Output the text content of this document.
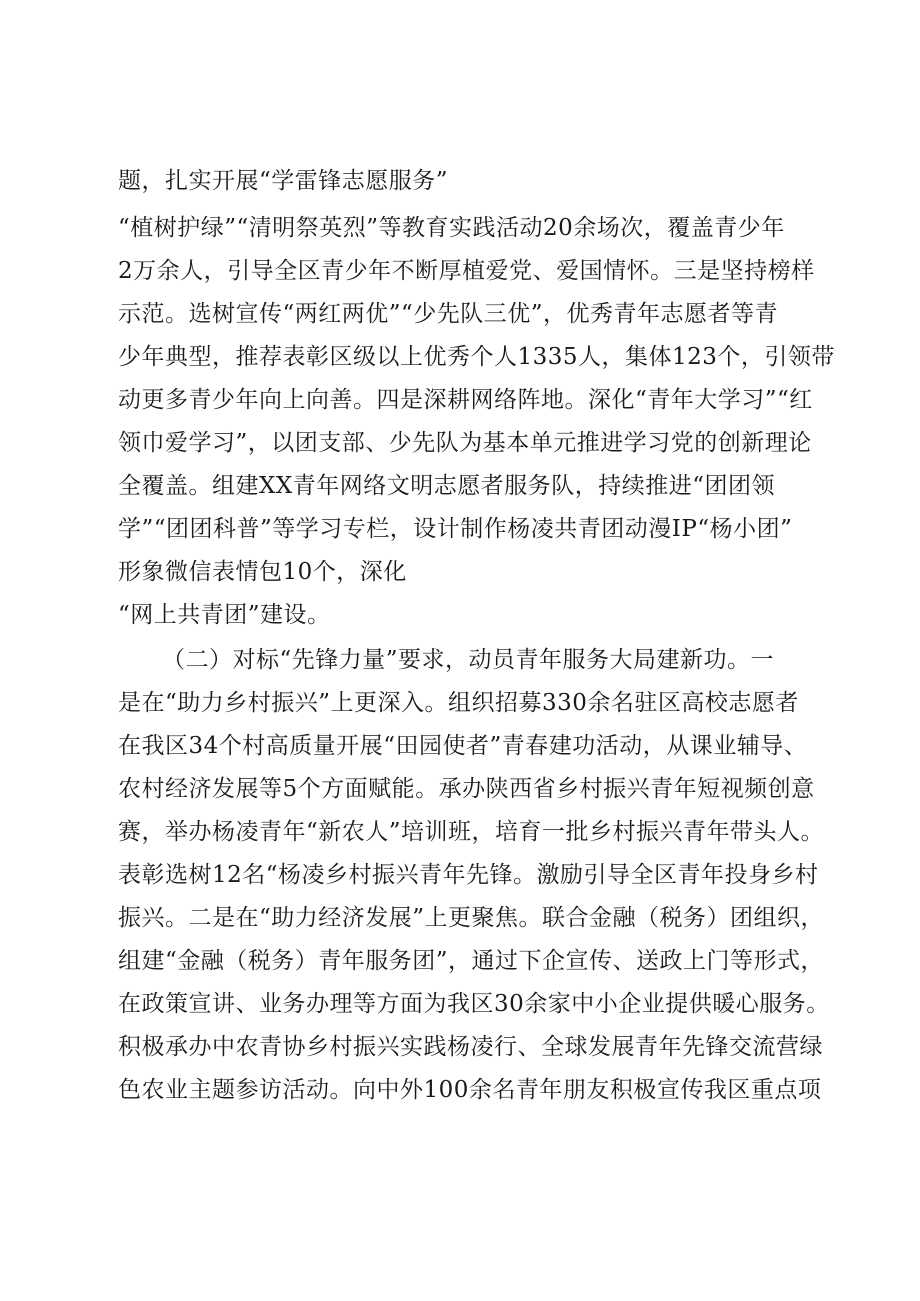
题，扎实开展“学雷锋志愿服务”
“植树护绿”“清明祭英烈”等教育实践活动20余场次，覆盖青少年
2万余人，引导全区青少年不断厚植爱党、爱国情怀。三是坚持榜样
示范。选树宣传“两红两优”“少先队三优”，优秀青年志愿者等青
少年典型，推荐表彰区级以上优秀个人1335人，集体123个，引领带
动更多青少年向上向善。四是深耕网络阵地。深化“青年大学习”“红
领巾爱学习”，以团支部、少先队为基本单元推进学习党的创新理论
全覆盖。组建XX青年网络文明志愿者服务队，持续推进“团团领
学”“团团科普”等学习专栏，设计制作杨凌共青团动漫IP“杨小团”
形象微信表情包10个，深化
“网上共青团”建设。
（二）对标“先锋力量”要求，动员青年服务大局建新功。一
是在“助力乡村振兴”上更深入。组织招募330余名驻区高校志愿者
在我区34个村高质量开展“田园使者”青春建功活动，从课业辅导、
农村经济发展等5个方面赋能。承办陕西省乡村振兴青年短视频创意
赛，举办杨凌青年“新农人”培训班，培育一批乡村振兴青年带头人。
表彰选树12名“杨凌乡村振兴青年先锋。激励引导全区青年投身乡村
振兴。二是在“助力经济发展”上更聚焦。联合金融（税务）团组织，
组建“金融（税务）青年服务团”，通过下企宣传、送政上门等形式，
在政策宣讲、业务办理等方面为我区30余家中小企业提供暖心服务。
积极承办中农青协乡村振兴实践杨凌行、全球发展青年先锋交流营绿
色农业主题参访活动。向中外100余名青年朋友积极宣传我区重点项
